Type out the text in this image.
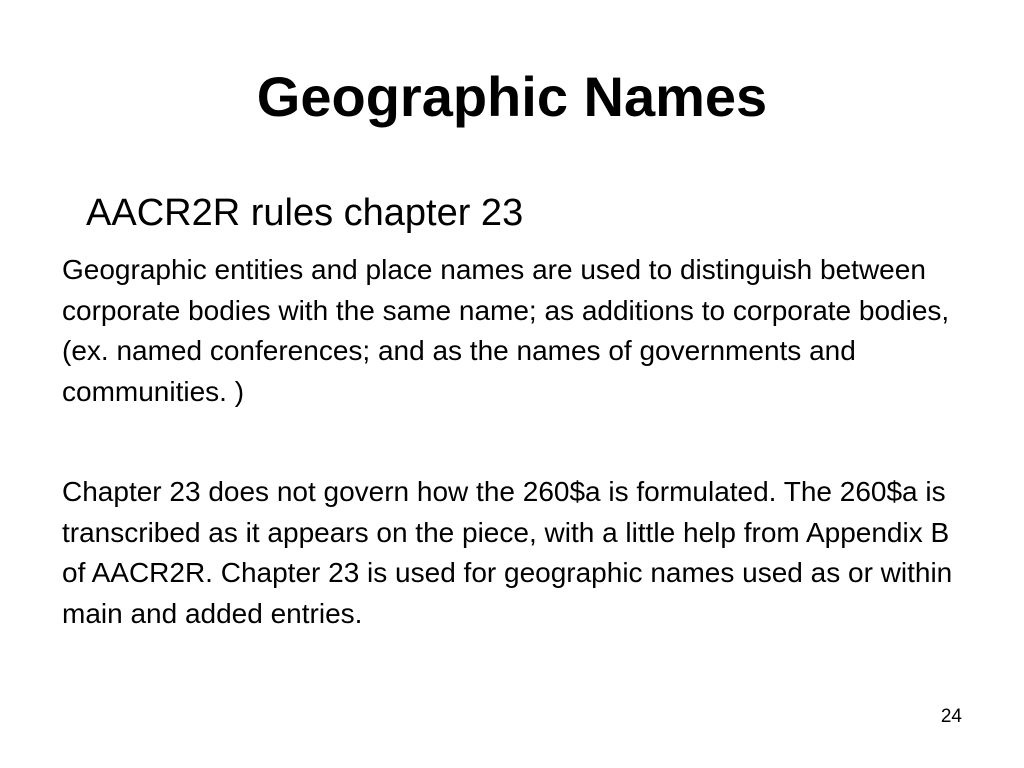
Geographic Names
AACR2R rules chapter 23

Geographic entities and place names are used to distinguish between corporate bodies with the same name; as additions to corporate bodies, (ex. named conferences; and as the names of governments and communities. )

Chapter 23 does not govern how the 260$a is formulated. The 260$a is transcribed as it appears on the piece, with a little help from Appendix B of AACR2R. Chapter 23 is used for geographic names used as or within main and added entries.

24
